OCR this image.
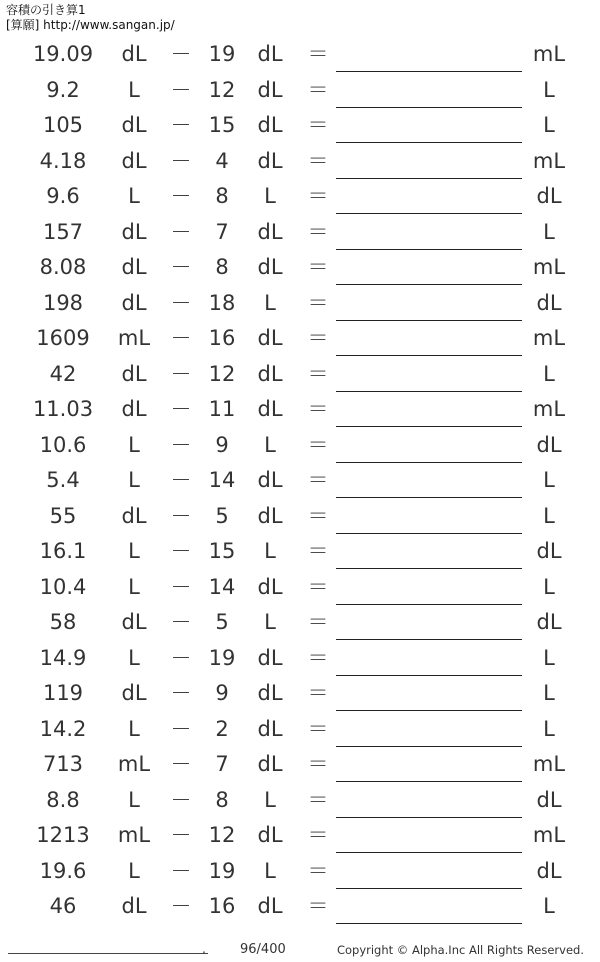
容積の引き算1
[算願] http://www.sangan.jp/
19.09	dL	－ 19	dL	＝	mL
9.2	L	－ 12	dL	＝	L
105	dL	－ 15	dL	＝	L
4.18	dL	－	4	dL	＝	mL
9.6	L	－	8	L	＝	dL
157	dL	－	7	dL	＝	L
8.08	dL	－	8	dL	＝	mL
198	dL	－ 18	L	＝	dL
1609	mL － 16	dL	＝	mL
42	dL	－ 12	dL	＝	L
11.03	dL	－ 11	dL	＝	mL
10.6	L	－	9	L	＝	dL
5.4	L	－ 14	dL	＝	L
55	dL	－	5	dL	＝	L
16.1	L	－ 15	L	＝	dL
10.4	L	－ 14	dL	＝	L
58	dL	－	5	L	＝	dL
14.9	L	－ 19	dL	＝	L
119	dL	－	9	dL	＝	L
14.2	L	－	2	dL	＝	L
713	mL －	7	dL	＝	mL
8.8	L	－	8	L	＝	dL
1213	mL － 12	dL	＝	mL
19.6	L	－ 19	L	＝	dL
46	dL	－ 16	dL	＝	L
.	96/400	Copyright © Alpha.Inc All Rights Reserved.
